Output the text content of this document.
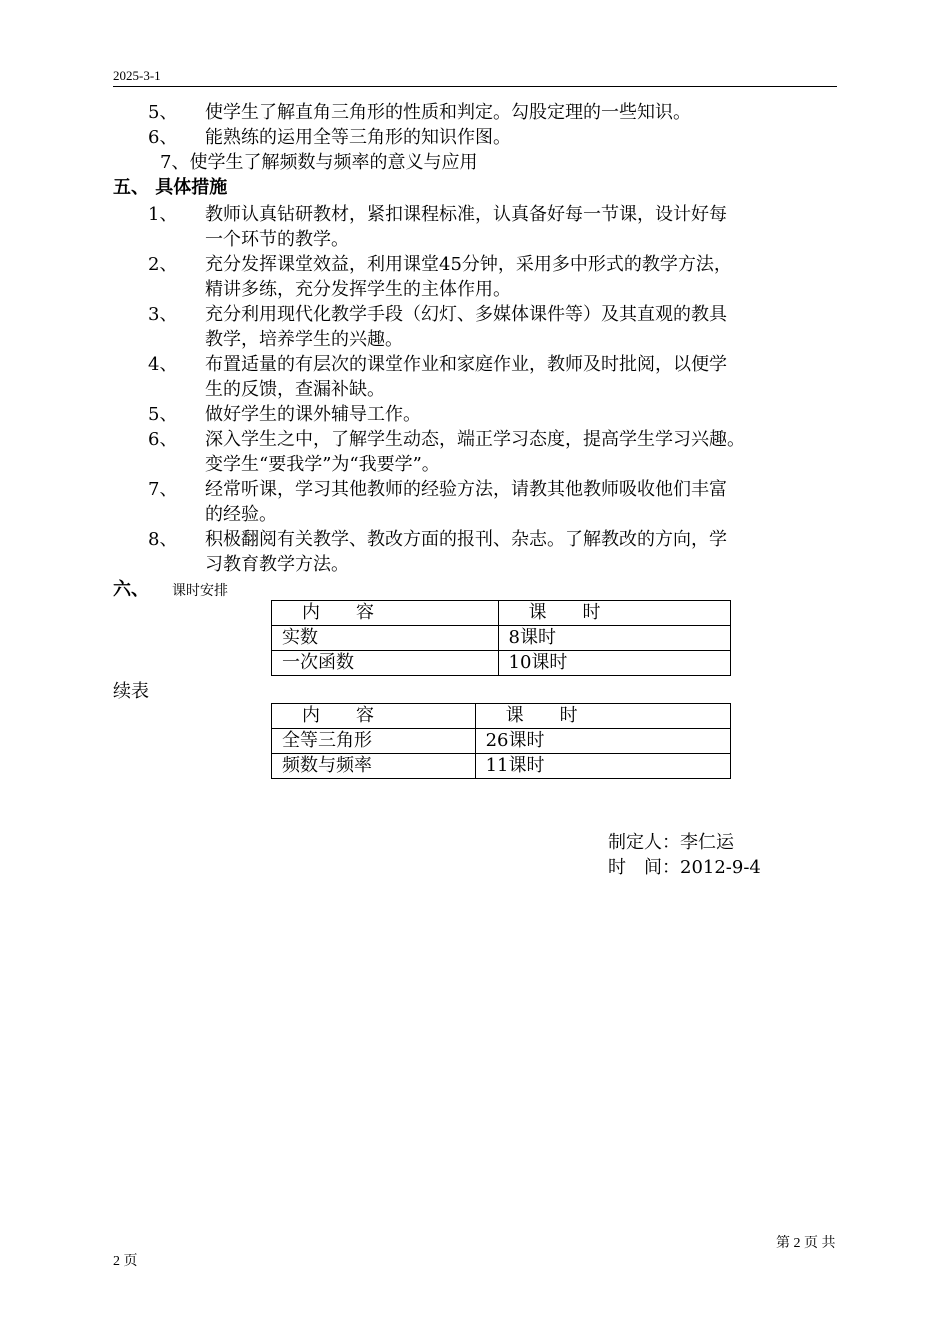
2025-3-1
5、 使学生了解直角三角形的性质和判定。勾股定理的一些知识。
6、 能熟练的运用全等三角形的知识作图。
7、使学生了解频数与频率的意义与应用
五、 具体措施
1、 教师认真钻研教材，紧扣课程标准，认真备好每一节课，设计好每
一个环节的教学。
2、 充分发挥课堂效益，利用课堂45分钟，采用多中形式的教学方法，
精讲多练，充分发挥学生的主体作用。
3、 充分利用现代化教学手段（幻灯、多媒体课件等）及其直观的教具
教学，培养学生的兴趣。
4、 布置适量的有层次的课堂作业和家庭作业，教师及时批阅，以便学
生的反馈，查漏补缺。
5、 做好学生的课外辅导工作。
6、 深入学生之中，了解学生动态，端正学习态度，提高学生学习兴趣。
变学生“要我学”为“我要学”。
7、 经常听课，学习其他教师的经验方法，请教其他教师吸收他们丰富
的经验。
8、 积极翻阅有关教学、教改方面的报刊、杂志。了解教改的方向，学
习教育教学方法。
六、 课时安排
内　　容	课　　时
实数	8课时
一次函数	10课时
续表
内　　容	课　　时
全等三角形	26课时
频数与频率	11课时
制定人：李仁运
时　间：2012-9-4
第 2 页 共
2 页
